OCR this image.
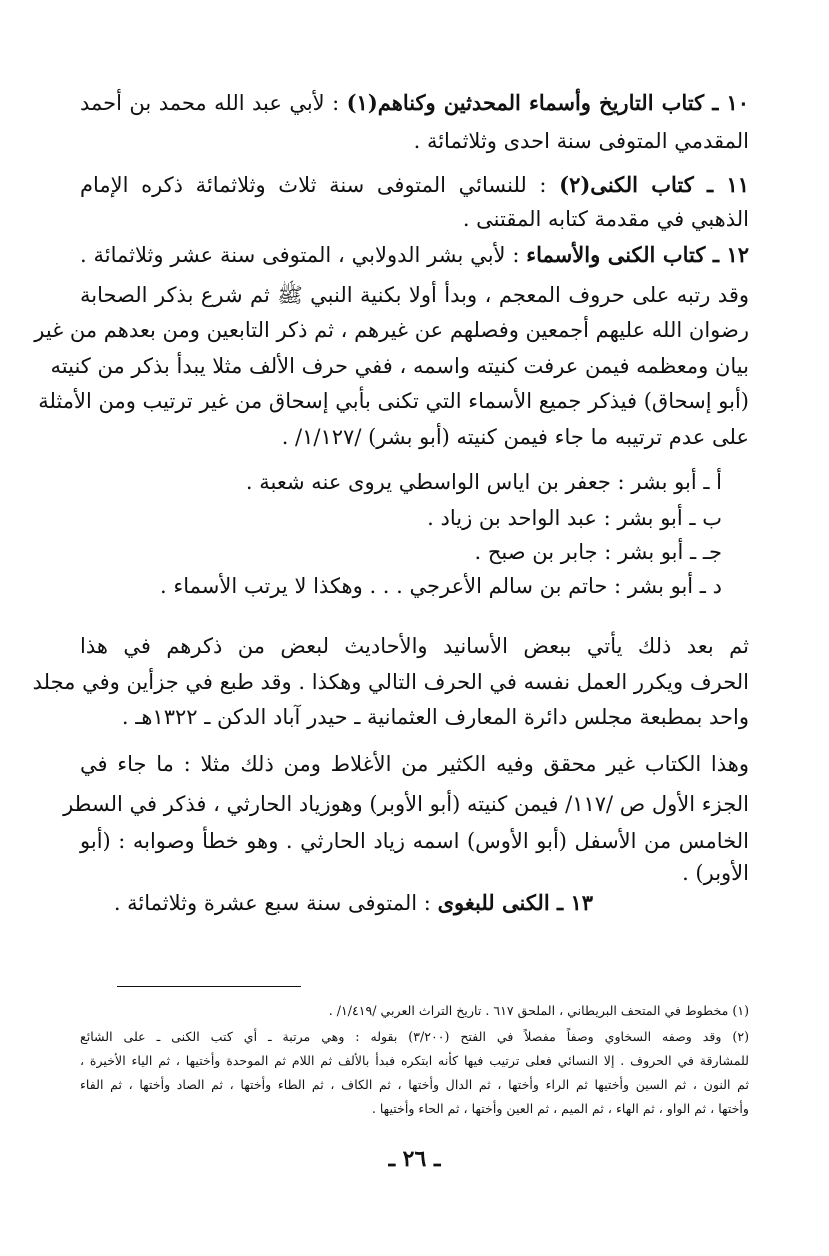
١٠ ـ كتاب التاريخ وأسماء المحدثين وكناهم(١) : لأبي عبد الله محمد بن أحمد
المقدمي المتوفى سنة احدى وثلاثمائة .
١١ ـ كتاب الكنى(٢) : للنسائي المتوفى سنة ثلاث وثلاثمائة ذكره الإمام
الذهبي في مقدمة كتابه المقتنى .
١٢ ـ كتاب الكنى والأسماء : لأبي بشر الدولابي ، المتوفى سنة عشر وثلاثمائة .
وقد رتبه على حروف المعجم ، وبدأ أولا بكنية النبي ﷺ ثم شرع بذكر الصحابة
رضوان الله عليهم أجمعين وفصلهم عن غيرهم ، ثم ذكر التابعين ومن بعدهم من غير
بيان ومعظمه فيمن عرفت كنيته واسمه ، ففي حرف الألف مثلا يبدأ بذكر من كنيته
(أبو إسحاق) فيذكر جميع الأسماء التي تكنى بأبي إسحاق من غير ترتيب ومن الأمثلة
على عدم ترتيبه ما جاء فيمن كنيته (أبو بشر) /١/١٢٧/ .
أ ـ أبو بشر : جعفر بن اياس الواسطي يروى عنه شعبة .
ب ـ أبو بشر : عبد الواحد بن زياد .
جـ ـ أبو بشر : جابر بن صبح .
د ـ أبو بشر : حاتم بن سالم الأعرجي . . . وهكذا لا يرتب الأسماء .
ثم بعد ذلك يأتي ببعض الأسانيد والأحاديث لبعض من ذكرهم في هذا
الحرف ويكرر العمل نفسه في الحرف التالي وهكذا . وقد طبع في جزأين وفي مجلد
واحد بمطبعة مجلس دائرة المعارف العثمانية ـ حيدر آباد الدكن ـ ١٣٢٢هـ .
وهذا الكتاب غير محقق وفيه الكثير من الأغلاط ومن ذلك مثلا : ما جاء في
الجزء الأول ص /١١٧/ فيمن كنيته (أبو الأوبر) وهوزياد الحارثي ، فذكر في السطر
الخامس من الأسفل (أبو الأوس) اسمه زياد الحارثي . وهو خطأ وصوابه : (أبو
الأوبر) .
١٣ ـ الكنى للبغوى : المتوفى سنة سبع عشرة وثلاثمائة .
(١) مخطوط في المتحف البريطاني ، الملحق ٦١٧ . تاريخ التراث العربي /١/٤١٩/ .
(٢) وقد وصفه السخاوي وصفاً مفصلاً في الفتح (٣/٢٠٠) بقوله : وهي مرتبة ـ أي كتب الكنى ـ على الشائع
للمشارقة في الحروف . إلا النسائي فعلى ترتيب فيها كأنه ابتكره فبدأ بالألف ثم اللام ثم الموحدة وأختيها ، ثم الياء الأخيرة ،
ثم النون ، ثم السين وأختيها ثم الراء وأختها ، ثم الدال وأختها ، ثم الكاف ، ثم الطاء وأختها ، ثم الصاد وأختها ، ثم الفاء
وأختها ، ثم الواو ، ثم الهاء ، ثم الميم ، ثم العين وأختها ، ثم الحاء وأختيها .
ـ ٢٦ ـ
